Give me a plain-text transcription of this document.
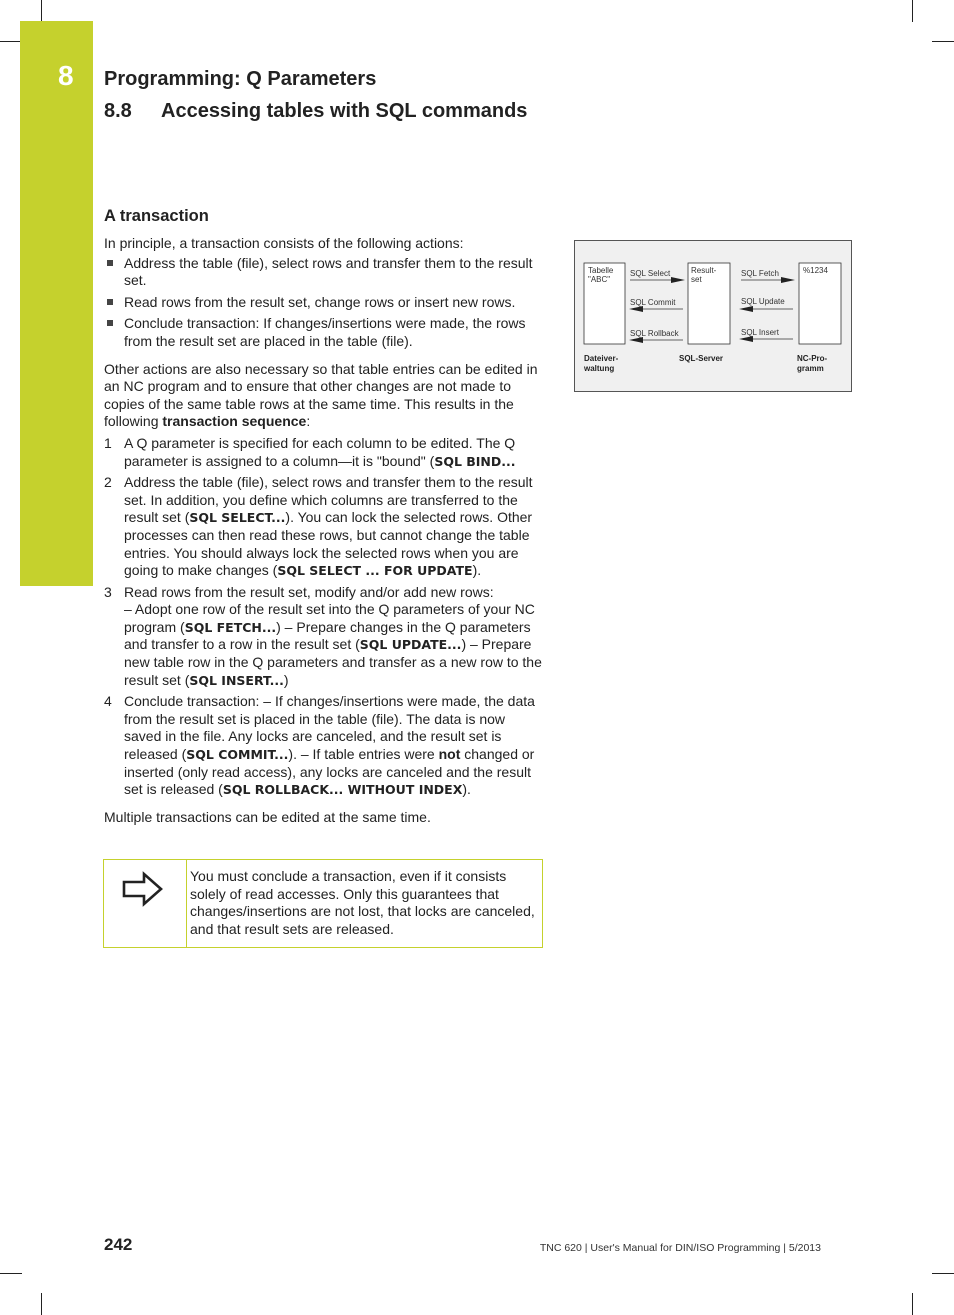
8	Programming: Q Parameters
8.8 Accessing tables with SQL commands
A transaction

In principle, a transaction consists of the following actions:

Address the table (file), select rows and transfer them to the result set.
Read rows from the result set, change rows or insert new rows.
Conclude transaction: If changes/insertions were made, the rows from the result set are placed in the table (file).

Other actions are also necessary so that table entries can be edited in an NC program and to ensure that other changes are not made to copies of the same table rows at the same time. This results in the following transaction sequence:

1 A Q parameter is specified for each column to be edited. The Q parameter is assigned to a column—it is "bound" (SQL BIND...
2 Address the table (file), select rows and transfer them to the result set. In addition, you define which columns are transferred to the result set (SQL SELECT...). You can lock the selected rows. Other processes can then read these rows, but cannot change the table entries. You should always lock the selected rows when you are going to make changes (SQL SELECT ... FOR UPDATE).
3 Read rows from the result set, modify and/or add new rows:
– Adopt one row of the result set into the Q parameters of your NC program (SQL FETCH...) – Prepare changes in the Q parameters and transfer to a row in the result set (SQL UPDATE...) – Prepare new table row in the Q parameters and transfer as a new row to the result set (SQL INSERT...)
4 Conclude transaction: – If changes/insertions were made, the data from the result set is placed in the table (file). The data is now saved in the file. Any locks are canceled, and the result set is released (SQL COMMIT...). – If table entries were not changed or inserted (only read access), any locks are canceled and the result set is released (SQL ROLLBACK... WITHOUT INDEX).

Multiple transactions can be edited at the same time.

You must conclude a transaction, even if it consists solely of read accesses. Only this guarantees that changes/insertions are not lost, that locks are canceled, and that result sets are released.
Tabelle
"ABC"
Result-
set
%1234
SQL Select
SQL Commit
SQL Rollback
SQL Fetch
SQL Update
SQL Insert
Dateiver-
waltung
SQL-Server	NC-Pro-
gramm
242	TNC 620 | User's Manual for DIN/ISO Programming | 5/2013
